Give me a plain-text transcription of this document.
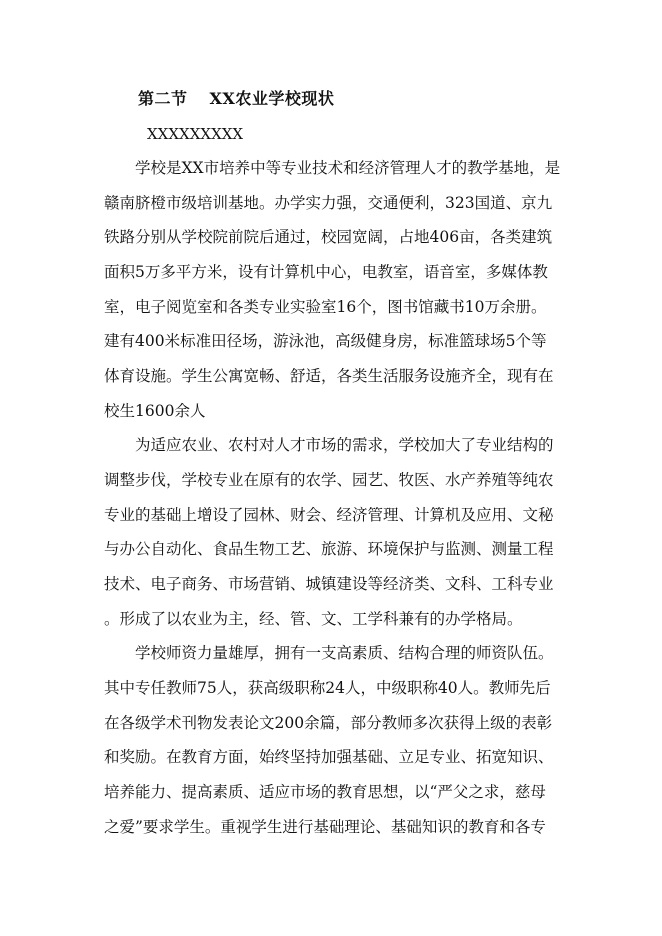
第二节 XX农业学校现状
XXXXXXXXX
　　学校是XX市培养中等专业技术和经济管理人才的教学基地，是
赣南脐橙市级培训基地。办学实力强，交通便利，323国道、京九
铁路分别从学校院前院后通过，校园宽阔，占地406亩，各类建筑
面积5万多平方米，设有计算机中心，电教室，语音室，多媒体教
室，电子阅览室和各类专业实验室16个，图书馆藏书10万余册。
建有400米标准田径场，游泳池，高级健身房，标准篮球场5个等
体育设施。学生公寓宽畅、舒适，各类生活服务设施齐全，现有在
校生1600余人
　　为适应农业、农村对人才市场的需求，学校加大了专业结构的
调整步伐，学校专业在原有的农学、园艺、牧医、水产养殖等纯农
专业的基础上增设了园林、财会、经济管理、计算机及应用、文秘
与办公自动化、食品生物工艺、旅游、环境保护与监测、测量工程
技术、电子商务、市场营销、城镇建设等经济类、文科、工科专业
。形成了以农业为主，经、管、文、工学科兼有的办学格局。
　　学校师资力量雄厚，拥有一支高素质、结构合理的师资队伍。
其中专任教师75人，获高级职称24人，中级职称40人。教师先后
在各级学术刊物发表论文200余篇，部分教师多次获得上级的表彰
和奖励。在教育方面，始终坚持加强基础、立足专业、拓宽知识、
培养能力、提高素质、适应市场的教育思想，以“严父之求，慈母
之爱”要求学生。重视学生进行基础理论、基础知识的教育和各专
